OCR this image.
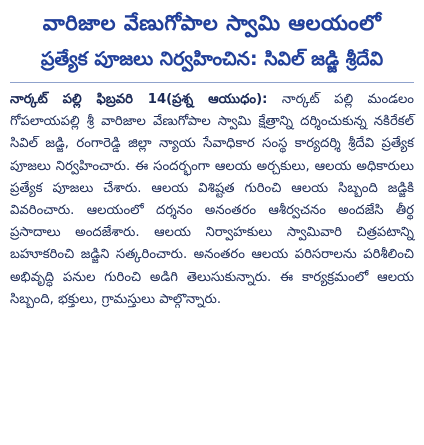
వారిజాల వేణుగోపాల స్వామి ఆలయంలో
ప్రత్యేక పూజలు నిర్వహించిన: సివిల్ జడ్జి శ్రీదేవి

నార్కట్ పల్లి ఫిబ్రవరి 14(ప్రశ్న ఆయుధం): నార్కట్ పల్లి మండలం గోపలాయపల్లి శ్రీ వారిజాల వేణుగోపాల స్వామి క్షేత్రాన్ని దర్శించుకున్న నకిరేకల్ సివిల్ జడ్జి, రంగారెడ్డి జిల్లా న్యాయ సేవాధికార సంస్థ కార్యదర్శి శ్రీదేవి ప్రత్యేక పూజలు నిర్వహించారు. ఈ సందర్భంగా ఆలయ అర్చకులు, ఆలయ అధికారులు ప్రత్యేక పూజలు చేశారు. ఆలయ విశిష్టత గురించి ఆలయ సిబ్బంది జడ్జికి వివరించారు. ఆలయంలో దర్శనం అనంతరం ఆశీర్వచనం అందజేసి తీర్థ ప్రసాదాలు అందజేశారు. ఆలయ నిర్వాహకులు స్వామివారి చిత్రపటాన్ని బహూకరించి జడ్జిని సత్కరించారు. అనంతరం ఆలయ పరిసరాలను పరిశీలించి అభివృద్ధి పనుల గురించి అడిగి తెలుసుకున్నారు. ఈ కార్యక్రమంలో ఆలయ సిబ్బంది, భక్తులు, గ్రామస్తులు పాల్గొన్నారు.
